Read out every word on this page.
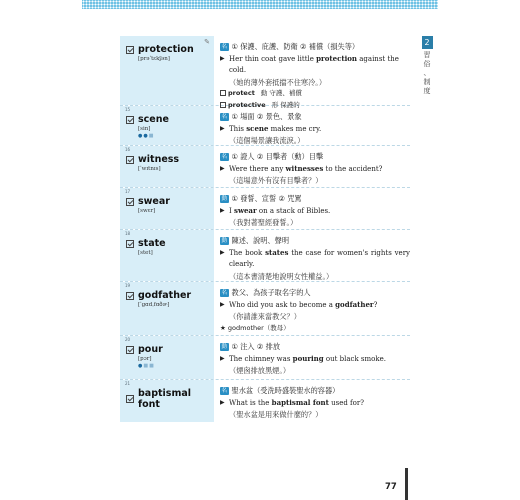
✎
protection
[prəˈtɛkʃən]
名 ① 保護、庇護、防衛 ② 補償（損失等）
▶ Her thin coat gave little protection against the cold.
（她的薄外套抵擋不住寒冷。）
protect 動 守護、補償
protective 形 保護的
15
scene
[sin]
●●■
名 ① 場面 ② 景色、景象
▶ This scene makes me cry.
（這個場景讓我流淚。）
16
witness
[ˈwɪtnɪs]
名 ① 證人 ② 目擊者（動）目擊
▶ Were there any witnesses to the accident?
（這場意外有沒有目擊者？）
17
swear
[swɛr]
動 ① 發誓、宣誓 ② 咒罵
▶ I swear on a stack of Bibles.
（我對著聖經發誓。）
18
state
[stet]
動 陳述、說明、聲明
▶ The book states the case for women's rights very clearly.
（這本書清楚地說明女性權益。）
19
godfather
[ˈɡɑdˌfɑðɚ]
名 教父、為孩子取名字的人
▶ Who did you ask to become a godfather?
（你請誰來當教父？）
★ godmother（教母）
20
pour
[pɔr]
●■■
動 ① 注入 ② 排放
▶ The chimney was pouring out black smoke.
（煙囪排放黑煙。）
21
baptismal font
名 聖水盆（受洗時盛裝聖水的容器）
▶ What is the baptismal font used for?
（聖水盆是用來做什麼的？）
2
習
俗
、
制
度
77
